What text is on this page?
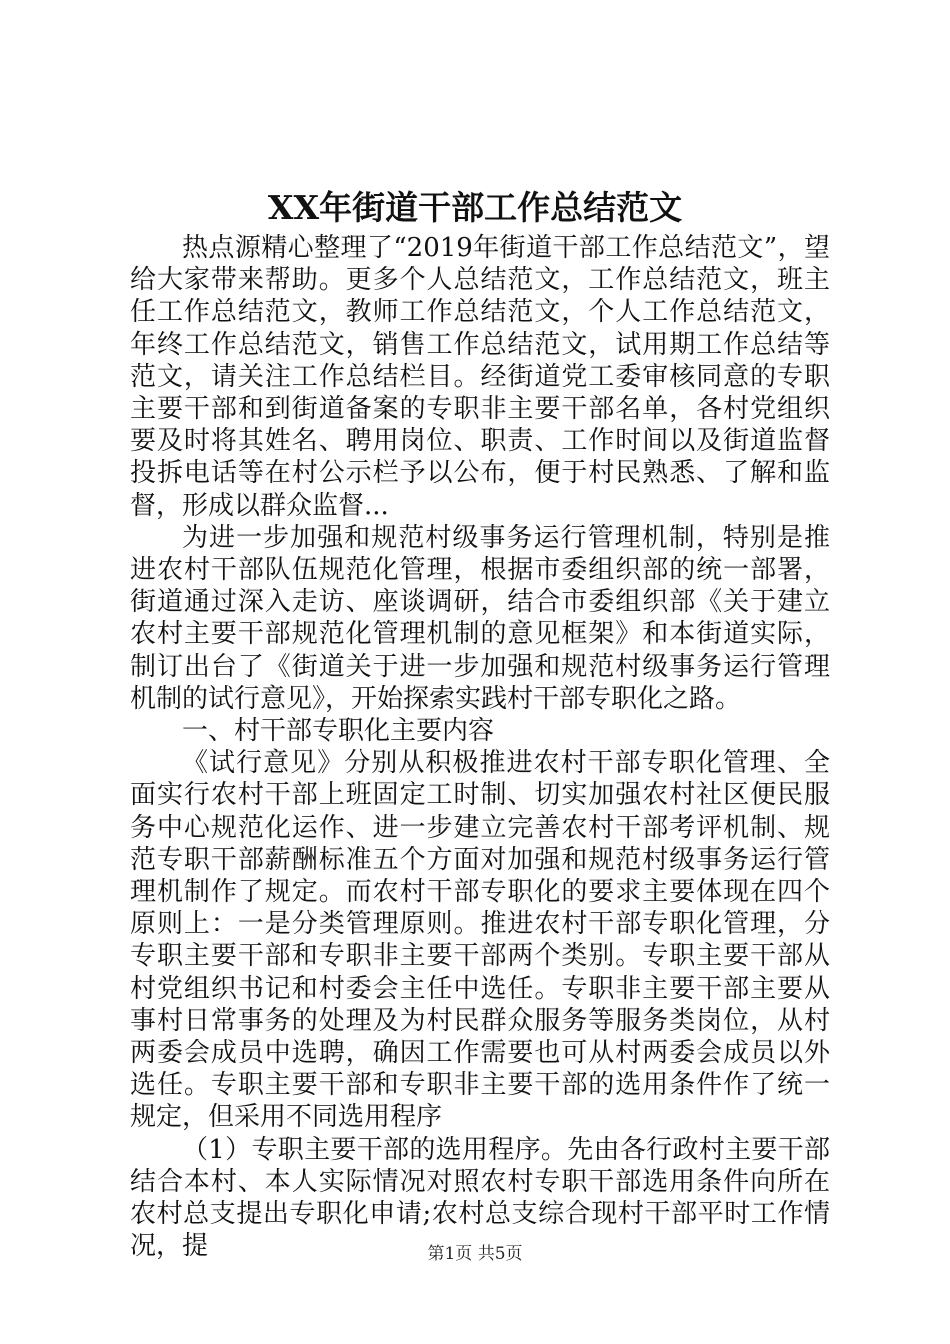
XX年街道干部工作总结范文

热点源精心整理了“2019年街道干部工作总结范文”，望给大家带来帮助。更多个人总结范文，工作总结范文，班主任工作总结范文，教师工作总结范文，个人工作总结范文，年终工作总结范文，销售工作总结范文，试用期工作总结等范文，请关注工作总结栏目。经街道党工委审核同意的专职主要干部和到街道备案的专职非主要干部名单，各村党组织要及时将其姓名、聘用岗位、职责、工作时间以及街道监督投拆电话等在村公示栏予以公布，便于村民熟悉、了解和监督，形成以群众监督...

为进一步加强和规范村级事务运行管理机制，特别是推进农村干部队伍规范化管理，根据市委组织部的统一部署，街道通过深入走访、座谈调研，结合市委组织部《关于建立农村主要干部规范化管理机制的意见框架》和本街道实际，制订出台了《街道关于进一步加强和规范村级事务运行管理机制的试行意见》，开始探索实践村干部专职化之路。

一、村干部专职化主要内容

《试行意见》分别从积极推进农村干部专职化管理、全面实行农村干部上班固定工时制、切实加强农村社区便民服务中心规范化运作、进一步建立完善农村干部考评机制、规范专职干部薪酬标准五个方面对加强和规范村级事务运行管理机制作了规定。而农村干部专职化的要求主要体现在四个原则上：一是分类管理原则。推进农村干部专职化管理，分专职主要干部和专职非主要干部两个类别。专职主要干部从村党组织书记和村委会主任中选任。专职非主要干部主要从事村日常事务的处理及为村民群众服务等服务类岗位，从村两委会成员中选聘，确因工作需要也可从村两委会成员以外选任。专职主要干部和专职非主要干部的选用条件作了统一规定，但采用不同选用程序

（1）专职主要干部的选用程序。先由各行政村主要干部结合本村、本人实际情况对照农村专职干部选用条件向所在农村总支提出专职化申请;农村总支综合现村干部平时工作情况，提	第1页 共5页
